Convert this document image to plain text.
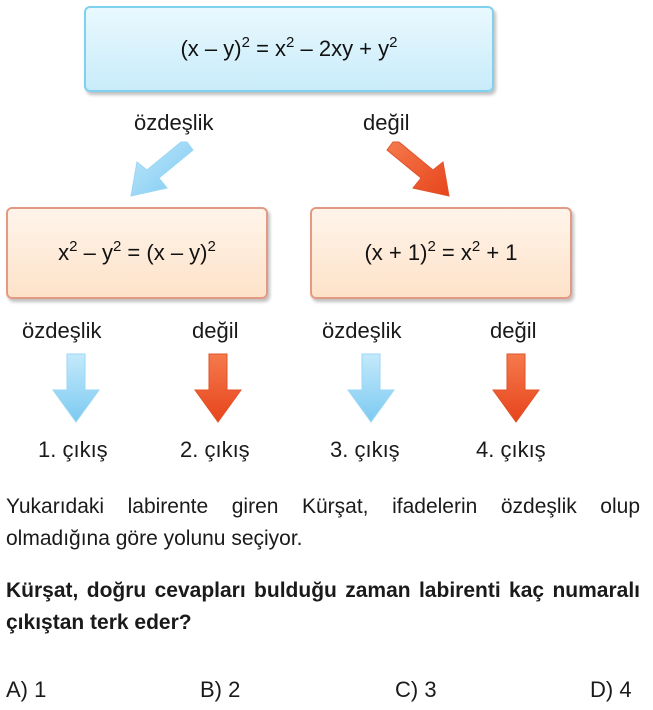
$(x - y)^2 = x^2 - 2xy + y^2$
özdeşlik	değil
$x^2 - y^2 = (x - y)^2$	$(x + 1)^2 = x^2 + 1$
özdeşlik	değil	özdeşlik	değil
1. çıkış	2. çıkış	3. çıkış	4. çıkış
Yukarıdaki labirente giren Kürşat, ifadelerin özdeşlik olup olmadığına göre yolunu seçiyor.
Kürşat, doğru cevapları bulduğu zaman labirenti kaç numaralı çıkıştan terk eder?
A) 1	B) 2	C) 3	D) 4
